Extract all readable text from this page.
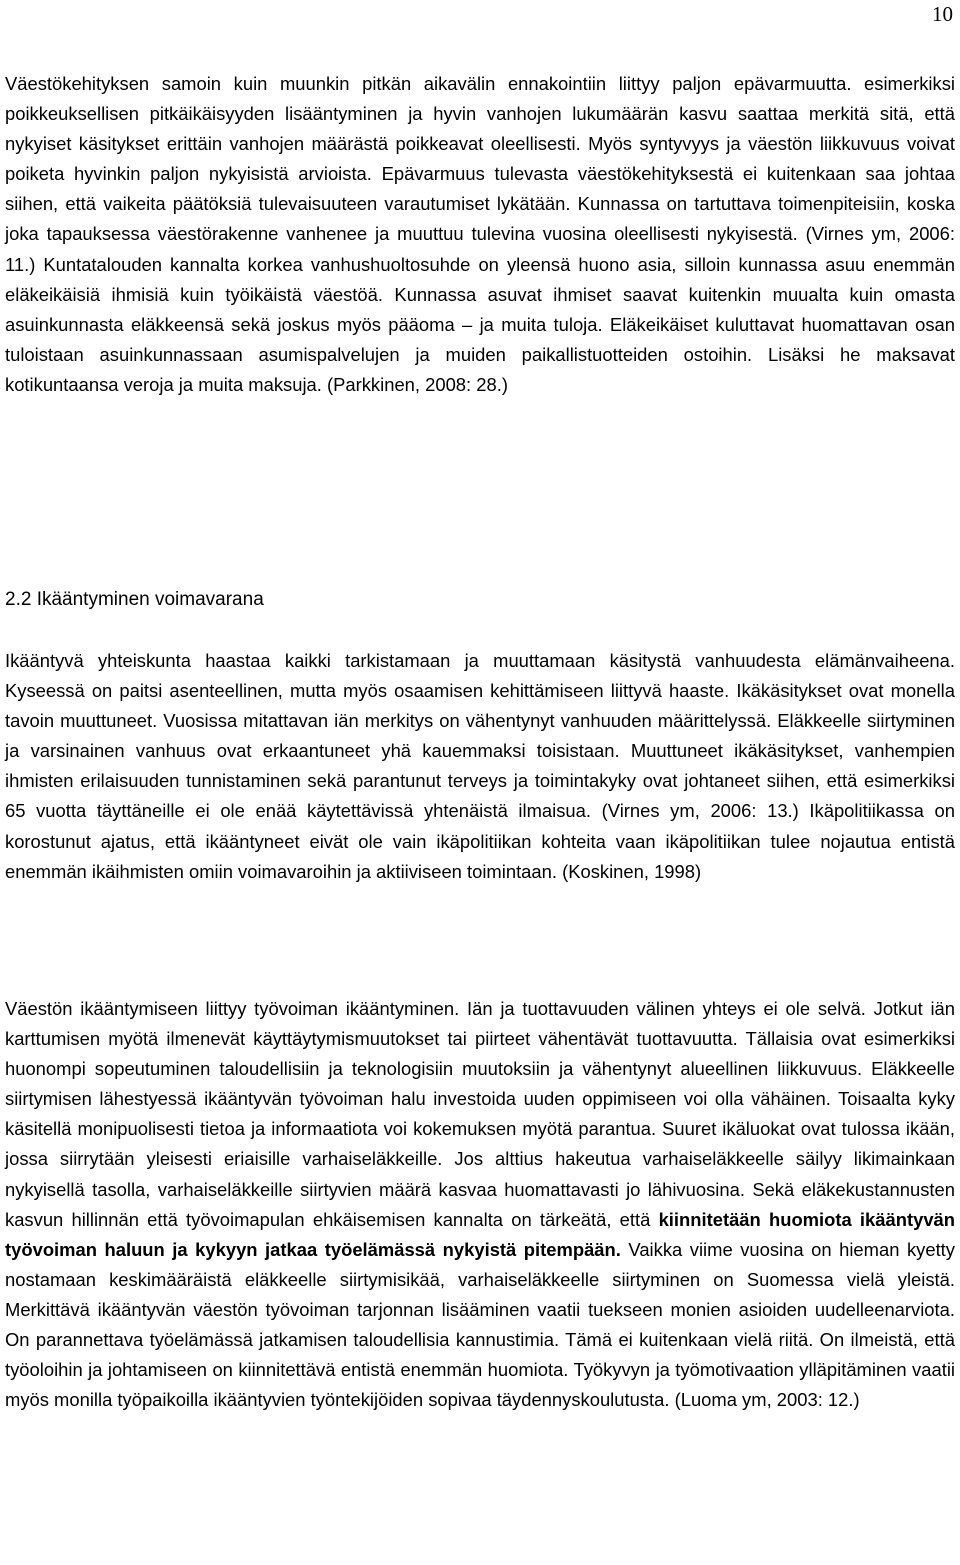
10

Väestökehityksen samoin kuin muunkin pitkän aikavälin ennakointiin liittyy paljon epävarmuutta. esimerkiksi poikkeuksellisen pitkäikäisyyden lisääntyminen ja hyvin vanhojen lukumäärän kasvu saattaa merkitä sitä, että nykyiset käsitykset erittäin vanhojen määrästä poikkeavat oleellisesti. Myös syntyvyys ja väestön liikkuvuus voivat poiketa hyvinkin paljon nykyisistä arvioista. Epävarmuus tulevasta väestökehityksestä ei kuitenkaan saa johtaa siihen, että vaikeita päätöksiä tulevaisuuteen varautumiset lykätään. Kunnassa on tartuttava toimenpiteisiin, koska joka tapauksessa väestörakenne vanhenee ja muuttuu tulevina vuosina oleellisesti nykyisestä. (Virnes ym, 2006: 11.) Kuntatalouden kannalta korkea vanhushuoltosuhde on yleensä huono asia, silloin kunnassa asuu enemmän eläkeikäisiä ihmisiä kuin työikäistä väestöä. Kunnassa asuvat ihmiset saavat kuitenkin muualta kuin omasta asuinkunnasta eläkkeensä sekä joskus myös pääoma – ja muita tuloja. Eläkeikäiset kuluttavat huomattavan osan tuloistaan asuinkunnassaan asumispalvelujen ja muiden paikallistuotteiden ostoihin. Lisäksi he maksavat kotikuntaansa veroja ja muita maksuja. (Parkkinen, 2008: 28.)

2.2 Ikääntyminen voimavarana

Ikääntyvä yhteiskunta haastaa kaikki tarkistamaan ja muuttamaan käsitystä vanhuudesta elämänvaiheena. Kyseessä on paitsi asenteellinen, mutta myös osaamisen kehittämiseen liittyvä haaste. Ikäkäsitykset ovat monella tavoin muuttuneet. Vuosissa mitattavan iän merkitys on vähentynyt vanhuuden määrittelyssä. Eläkkeelle siirtyminen ja varsinainen vanhuus ovat erkaantuneet yhä kauemmaksi toisistaan. Muuttuneet ikäkäsitykset, vanhempien ihmisten erilaisuuden tunnistaminen sekä parantunut terveys ja toimintakyky ovat johtaneet siihen, että esimerkiksi 65 vuotta täyttäneille ei ole enää käytettävissä yhtenäistä ilmaisua. (Virnes ym, 2006: 13.) Ikäpolitiikassa on korostunut ajatus, että ikääntyneet eivät ole vain ikäpolitiikan kohteita vaan ikäpolitiikan tulee nojautua entistä enemmän ikäihmisten omiin voimavaroihin ja aktiiviseen toimintaan. (Koskinen, 1998)

Väestön ikääntymiseen liittyy työvoiman ikääntyminen. Iän ja tuottavuuden välinen yhteys ei ole selvä. Jotkut iän karttumisen myötä ilmenevät käyttäytymismuutokset tai piirteet vähentävät tuottavuutta. Tällaisia ovat esimerkiksi huonompi sopeutuminen taloudellisiin ja teknologisiin muutoksiin ja vähentynyt alueellinen liikkuvuus. Eläkkeelle siirtymisen lähestyessä ikääntyvän työvoiman halu investoida uuden oppimiseen voi olla vähäinen. Toisaalta kyky käsitellä monipuolisesti tietoa ja informaatiota voi kokemuksen myötä parantua. Suuret ikäluokat ovat tulossa ikään, jossa siirrytään yleisesti eriaisille varhaiseläkkeille. Jos alttius hakeutua varhaiseläkkeelle säilyy likimainkaan nykyisellä tasolla, varhaiseläkkeille siirtyvien määrä kasvaa huomattavasti jo lähivuosina. Sekä eläkekustannusten kasvun hillinnän että työvoimapulan ehkäisemisen kannalta on tärkeätä, että kiinnitetään huomiota ikääntyvän työvoiman haluun ja kykyyn jatkaa työelämässä nykyistä pitempään. Vaikka viime vuosina on hieman kyetty nostamaan keskimääräistä eläkkeelle siirtymisikää, varhaiseläkkeelle siirtyminen on Suomessa vielä yleistä. Merkittävä ikääntyvän väestön työvoiman tarjonnan lisääminen vaatii tuekseen monien asioiden uudelleenarviota. On parannettava työelämässä jatkamisen taloudellisia kannustimia. Tämä ei kuitenkaan vielä riitä. On ilmeistä, että työoloihin ja johtamiseen on kiinnitettävä entistä enemmän huomiota. Työkyvyn ja työmotivaation ylläpitäminen vaatii myös monilla työpaikoilla ikääntyvien työntekijöiden sopivaa täydennyskoulutusta. (Luoma ym, 2003: 12.)
